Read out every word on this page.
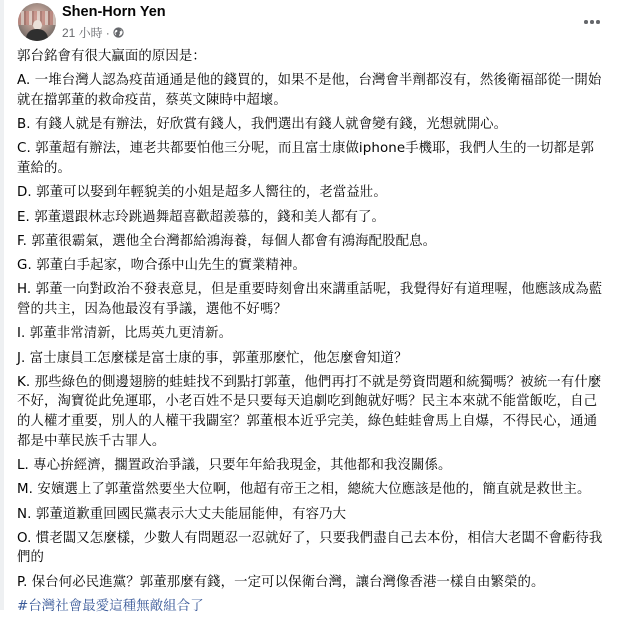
Shen-Horn Yen
21 小時 ·

郭台銘會有很大贏面的原因是：

A. 一堆台灣人認為疫苗通通是他的錢買的，如果不是他，台灣會半劑都沒有，然後衛福部從一開始就在擋郭董的救命疫苗，蔡英文陳時中超壞。

B. 有錢人就是有辦法，好欣賞有錢人，我們選出有錢人就會變有錢，光想就開心。

C. 郭董超有辦法，連老共都要怕他三分呢，而且富士康做iphone手機耶，我們人生的一切都是郭董給的。

D. 郭董可以娶到年輕貌美的小姐是超多人嚮往的，老當益壯。

E. 郭董還跟林志玲跳過舞超喜歡超羨慕的，錢和美人都有了。

F. 郭董很霸氣，選他全台灣都給鴻海養，每個人都會有鴻海配股配息。

G. 郭董白手起家，吻合孫中山先生的實業精神。

H. 郭董一向對政治不發表意見，但是重要時刻會出來講重話呢，我覺得好有道理喔，他應該成為藍營的共主，因為他最沒有爭議，選他不好嗎？

I. 郭董非常清新，比馬英九更清新。

J. 富士康員工怎麼樣是富士康的事，郭董那麼忙，他怎麼會知道？

K. 那些綠色的側邊翅膀的蛙蛙找不到點打郭董，他們再打不就是勞資問題和統獨嗎？被統一有什麼不好，淘寶從此免運耶，小老百姓不是只要每天追劇吃到飽就好嗎？民主本來就不能當飯吃，自己的人權才重要，別人的人權干我闢室？郭董根本近乎完美，綠色蛙蛙會馬上自爆，不得民心，通通都是中華民族千古罪人。

L. 專心拚經濟，擱置政治爭議，只要年年給我現金，其他都和我沒關係。

M. 安嬪選上了郭董當然要坐大位啊，他超有帝王之相，總統大位應該是他的，簡直就是救世主。

N. 郭董道歉重回國民黨表示大丈夫能屈能伸，有容乃大

O. 慣老闆又怎麼樣，少數人有問題忍一忍就好了，只要我們盡自己去本份，相信大老闆不會虧待我們的

P. 保台何必民進黨？郭董那麼有錢，一定可以保衛台灣，讓台灣像香港一樣自由繁榮的。

#台灣社會最愛這種無敵組合了
